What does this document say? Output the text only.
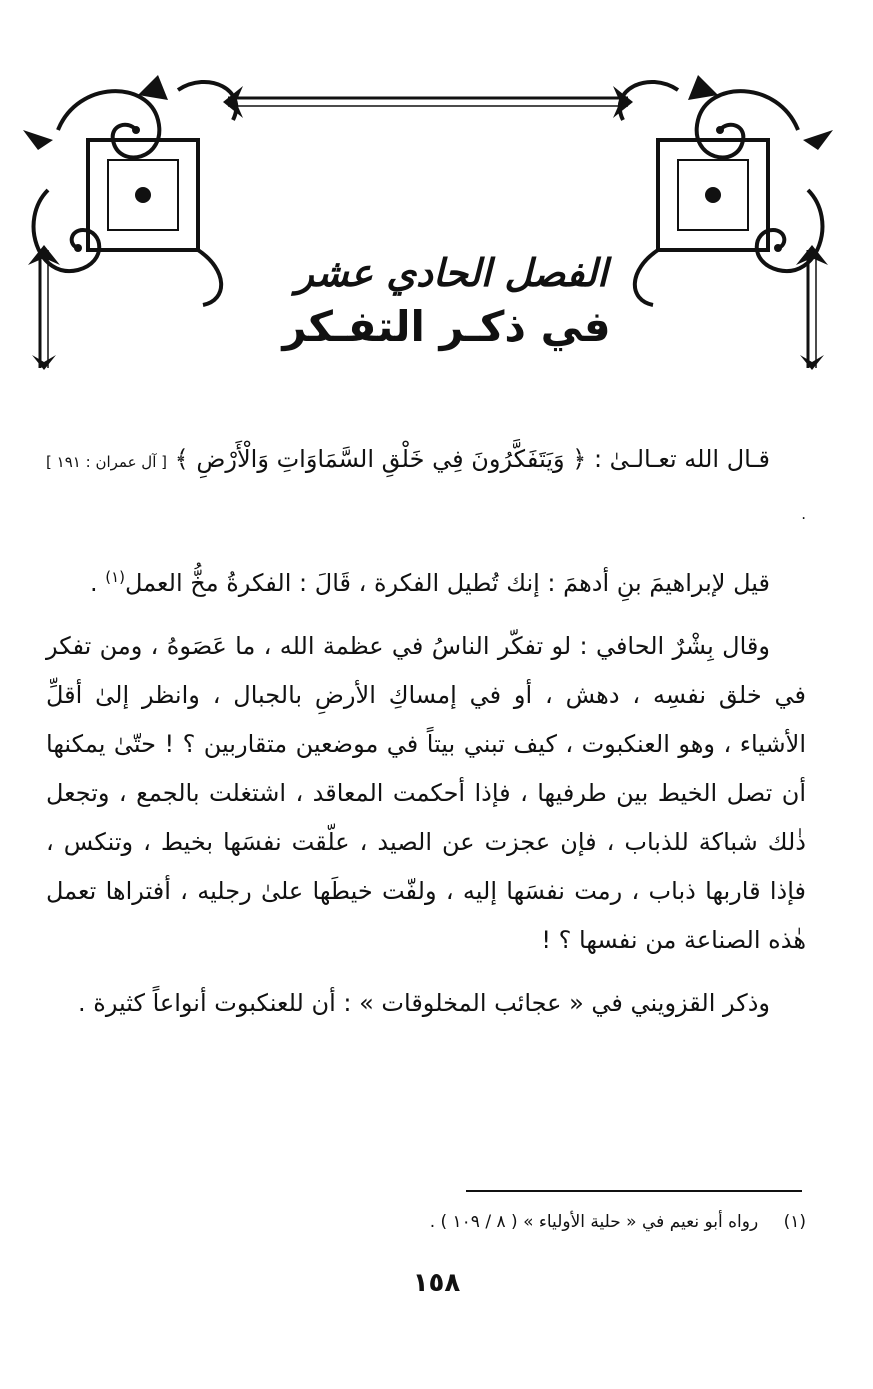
الفصل الحادي عشر
في ذكـر التفـكر

قـال الله تعـالـىٰ : ﴿ وَيَتَفَكَّرُونَ فِي خَلْقِ السَّمَاوَاتِ وَالْأَرْضِ ﴾ [ آل عمران : ١٩١ ] .

قيل لإبراهيمَ بنِ أدهمَ : إنك تُطيل الفكرة ، قَالَ : الفكرةُ مخُّ العمل$^{(١)}$ .

وقال بِشْرٌ الحافي : لو تفكّر الناسُ في عظمة الله ، ما عَصَوهُ ، ومن تفكر في خلق نفسِه ، دهش ، أو في إمساكِ الأرضِ بالجبال ، وانظر إلىٰ أقلِّ الأشياء ، وهو العنكبوت ، كيف تبني بيتاً في موضعين متقاربين ؟ ! حتّىٰ يمكنها أن تصل الخيط بين طرفيها ، فإذا أحكمت المعاقد ، اشتغلت بالجمع ، وتجعل ذٰلك شباكة للذباب ، فإن عجزت عن الصيد ، علّقت نفسَها بخيط ، وتنكس ، فإذا قاربها ذباب ، رمت نفسَها إليه ، ولفّت خيطَها علىٰ رجليه ، أفتراها تعمل هٰذه الصناعة من نفسها ؟ !

وذكر القزويني في « عجائب المخلوقات » : أن للعنكبوت أنواعاً كثيرة .

(١) رواه أبو نعيم في « حلية الأولياء » ( ٨ / ١٠٩ ) .
١٥٨
